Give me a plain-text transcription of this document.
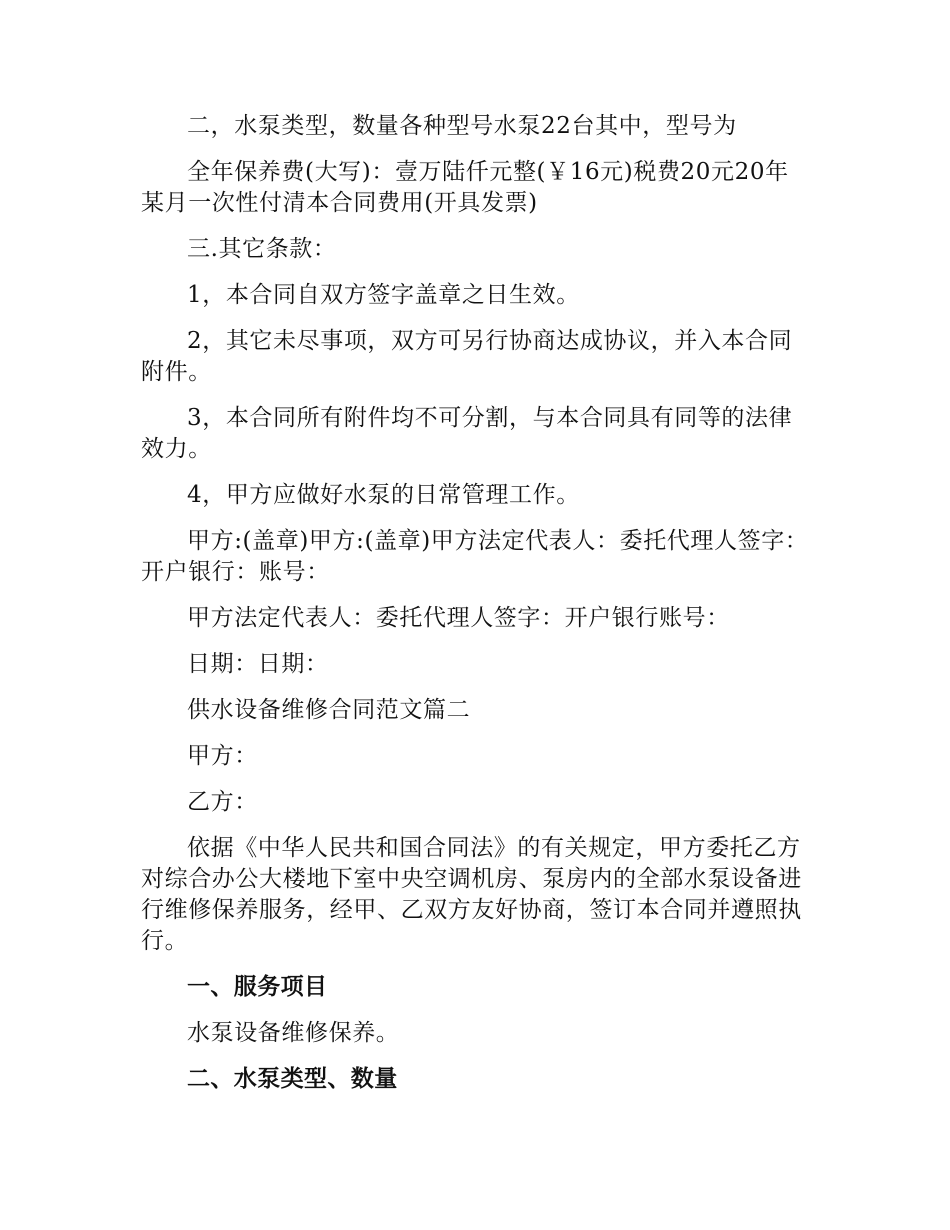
二，水泵类型，数量各种型号水泵22台其中，型号为

全年保养费(大写)：壹万陆仟元整(￥16元)税费20元20年某月一次性付清本合同费用(开具发票)

三.其它条款：

1，本合同自双方签字盖章之日生效。

2，其它未尽事项，双方可另行协商达成协议，并入本合同附件。

3，本合同所有附件均不可分割，与本合同具有同等的法律效力。

4，甲方应做好水泵的日常管理工作。

甲方:(盖章)甲方:(盖章)甲方法定代表人：委托代理人签字：开户银行：账号：

甲方法定代表人：委托代理人签字：开户银行账号：

日期：日期：

供水设备维修合同范文篇二

甲方：

乙方：

依据《中华人民共和国合同法》的有关规定，甲方委托乙方对综合办公大楼地下室中央空调机房、泵房内的全部水泵设备进行维修保养服务，经甲、乙双方友好协商，签订本合同并遵照执行。

一、服务项目

水泵设备维修保养。

二、水泵类型、数量
